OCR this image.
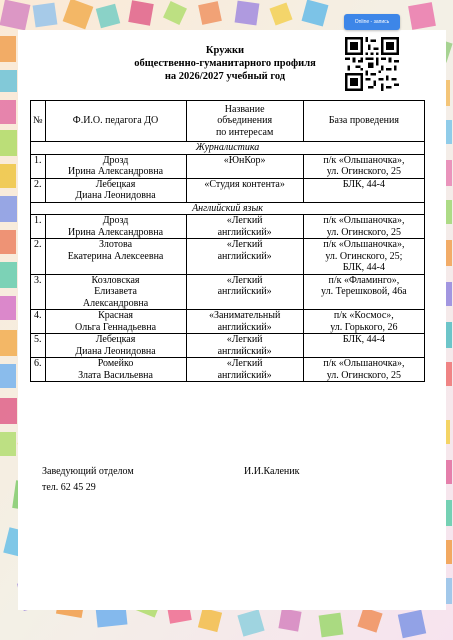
Online - запись
Кружки
общественно-гуманитарного профиля
на 2026/2027 учебный год
№	Ф.И.О. педагога ДО	Название
объединения
по интересам	База проведения
Журналистика			
1.	Дрозд
Ирина Александровна	«ЮнКор»	п/к «Ольшаночка»,
ул. Огинского, 25

2.	Лебецкая
Диана Леонидовна	«Студия контента»	БЛК, 44-4

Английский язык			
1.	Дрозд
Ирина Александровна	«Легкий
английский»	п/к «Ольшаночка»,
ул. Огинского, 25

2.	Злотова
Екатерина Алексеевна	«Легкий
английский»	п/к «Ольшаночка»,
ул. Огинского, 25;
БЛК, 44-4

3.	Козловская
Елизавета
Александровна	«Легкий
английский»	п/к «Фламинго»,
ул. Терешковой, 46а

4.	Красная
Ольга Геннадьевна	«Занимательный
английский»	п/к «Космос»,
ул. Горького, 26

5.	Лебецкая
Диана Леонидовна	«Легкий
английский»	БЛК, 44-4

6.	Ромейко
Злата Васильевна	«Легкий
английский»	п/к «Ольшаночка»,
ул. Огинского, 25
Заведующий отделом	И.И.Каленик
тел. 62 45 29
